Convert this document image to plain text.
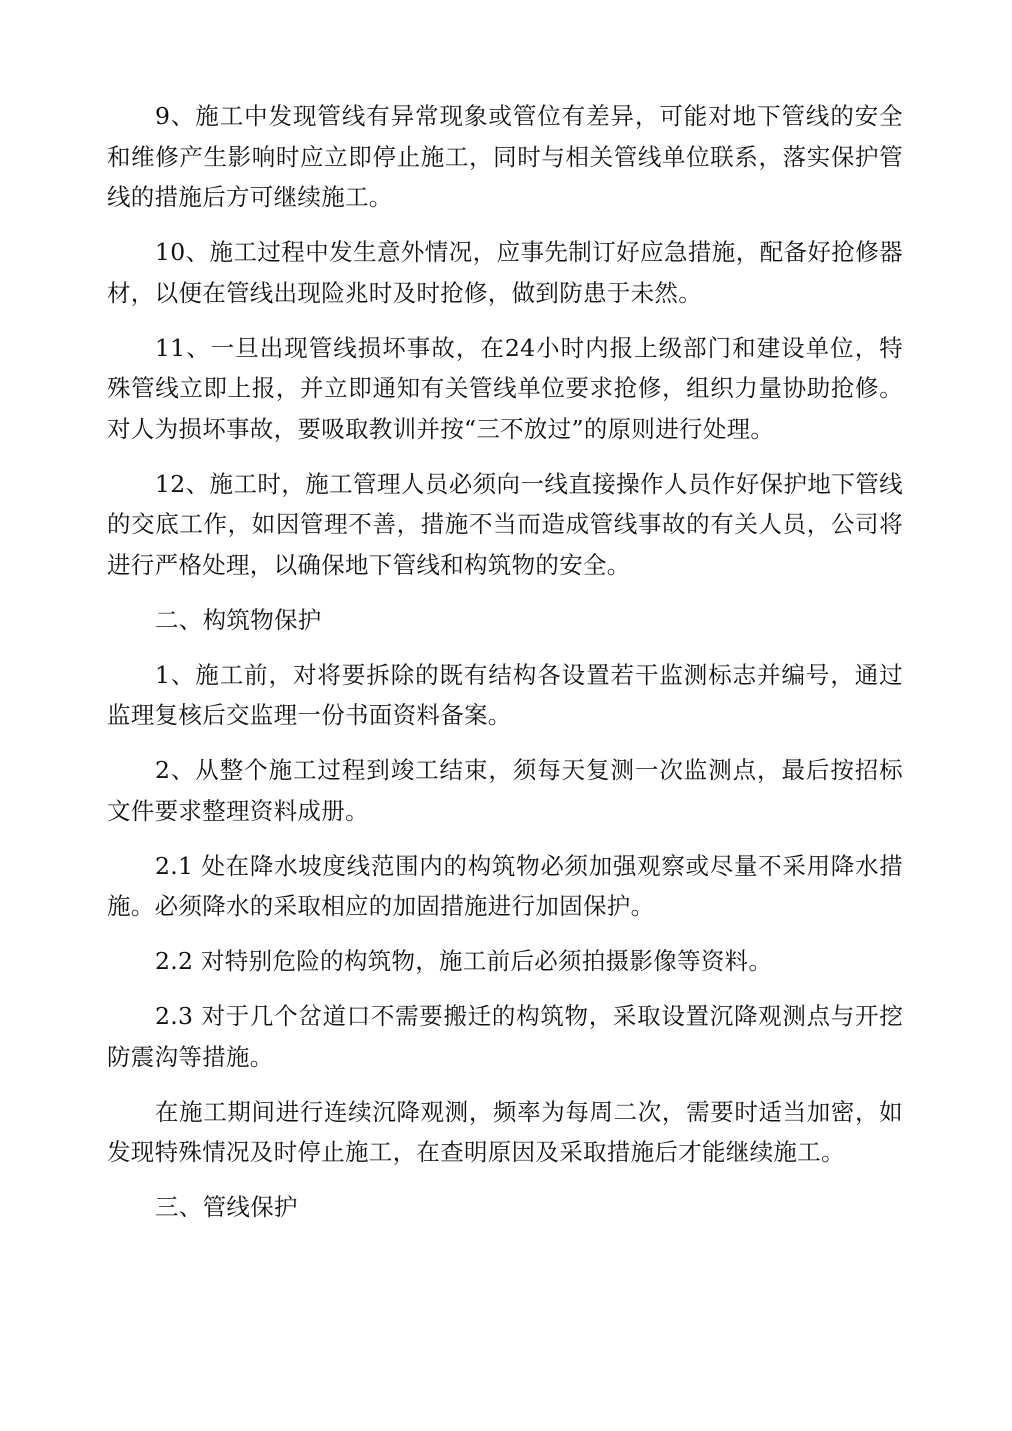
9、施工中发现管线有异常现象或管位有差异，可能对地下管线的安全和维修产生影响时应立即停止施工，同时与相关管线单位联系，落实保护管线的措施后方可继续施工。

10、施工过程中发生意外情况，应事先制订好应急措施，配备好抢修器材，以便在管线出现险兆时及时抢修，做到防患于未然。

11、一旦出现管线损坏事故，在24小时内报上级部门和建设单位，特殊管线立即上报，并立即通知有关管线单位要求抢修，组织力量协助抢修。对人为损坏事故，要吸取教训并按“三不放过”的原则进行处理。

12、施工时，施工管理人员必须向一线直接操作人员作好保护地下管线的交底工作，如因管理不善，措施不当而造成管线事故的有关人员，公司将进行严格处理，以确保地下管线和构筑物的安全。

二、构筑物保护

1、施工前，对将要拆除的既有结构各设置若干监测标志并编号，通过监理复核后交监理一份书面资料备案。

2、从整个施工过程到竣工结束，须每天复测一次监测点，最后按招标文件要求整理资料成册。

2.1 处在降水坡度线范围内的构筑物必须加强观察或尽量不采用降水措施。必须降水的采取相应的加固措施进行加固保护。

2.2 对特别危险的构筑物，施工前后必须拍摄影像等资料。

2.3 对于几个岔道口不需要搬迁的构筑物，采取设置沉降观测点与开挖防震沟等措施。

在施工期间进行连续沉降观测，频率为每周二次，需要时适当加密，如发现特殊情况及时停止施工，在查明原因及采取措施后才能继续施工。

三、管线保护
